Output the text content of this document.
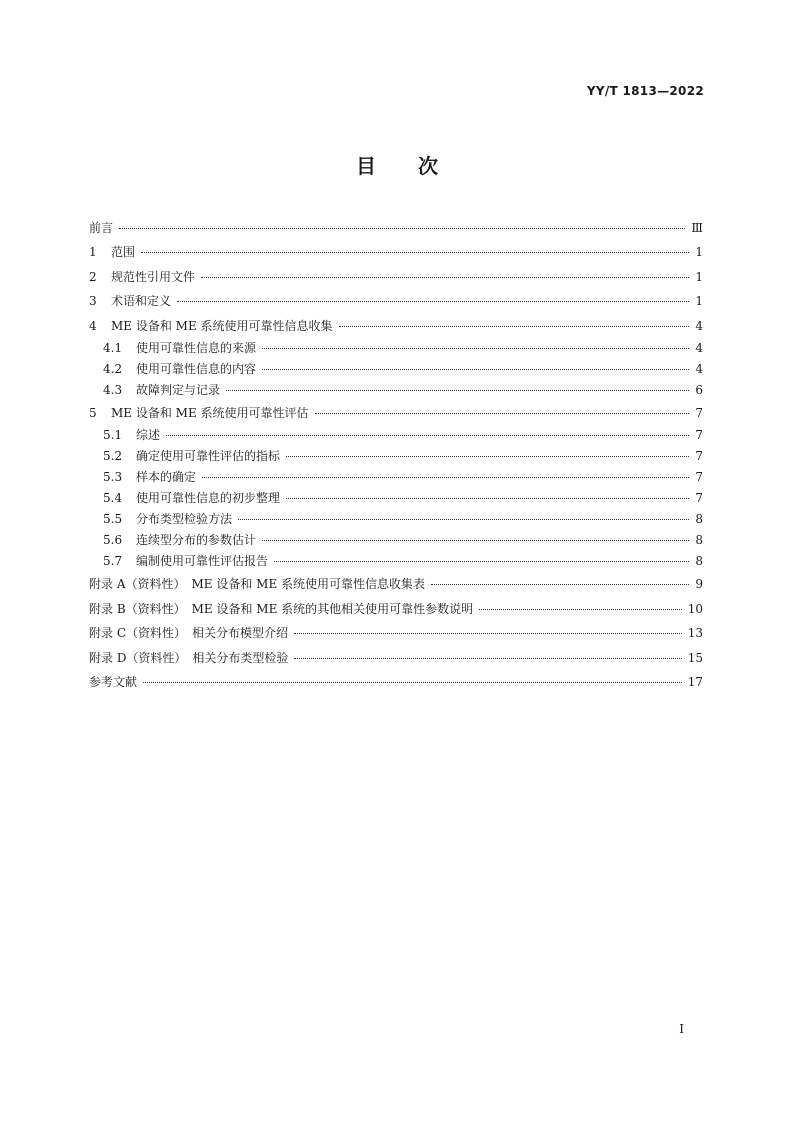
YY/T 1813—2022
目次
前言	Ⅲ
1	范围	1
2	规范性引用文件	1
3	术语和定义	1
4	ME 设备和 ME 系统使用可靠性信息收集	4
4.1	使用可靠性信息的来源	4
4.2	使用可靠性信息的内容	4
4.3	故障判定与记录	6
5	ME 设备和 ME 系统使用可靠性评估	7
5.1	综述	7
5.2	确定使用可靠性评估的指标	7
5.3	样本的确定	7
5.4	使用可靠性信息的初步整理	7
5.5	分布类型检验方法	8
5.6	连续型分布的参数估计	8
5.7	编制使用可靠性评估报告	8
附录 A（资料性）　ME 设备和 ME 系统使用可靠性信息收集表	9
附录 B（资料性）　ME 设备和 ME 系统的其他相关使用可靠性参数说明	10
附录 C（资料性）　相关分布模型介绍	13
附录 D（资料性）　相关分布类型检验	15
参考文献	17
I
